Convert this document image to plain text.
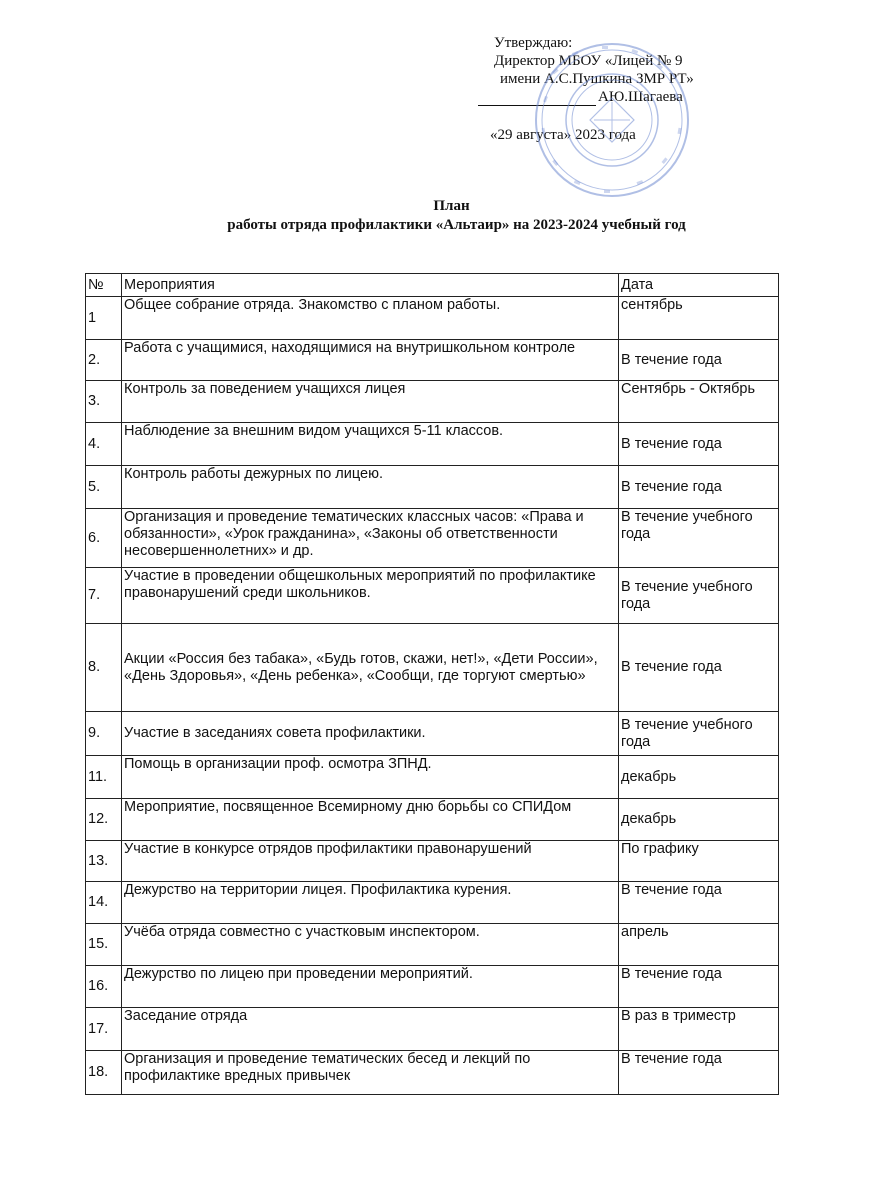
Утверждаю:
Директор МБОУ «Лицей № 9
имени А.С.Пушкина ЗМР РТ»
АЮ.Шагаева
«29 августа» 2023 года
План
работы отряда профилактики «Альтаир» на 2023-2024 учебный год
№	Мероприятия	Дата
1	Общее собрание отряда. Знакомство с планом работы.	сентябрь
2.	Работа с учащимися, находящимися на внутришкольном контроле	В течение года
3.	Контроль за поведением учащихся лицея	Сентябрь - Октябрь
4.	Наблюдение за внешним видом учащихся 5-11 классов.	В течение года
5.	Контроль работы дежурных по лицею.	В течение года
6.	Организация и проведение тематических классных часов: «Права и обязанности», «Урок гражданина», «Законы об ответственности несовершеннолетних» и др.	В течение учебного года
7.	Участие в проведении общешкольных мероприятий по профилактике правонарушений среди школьников.	В течение учебного года
8.	Акции «Россия без табака», «Будь готов, скажи, нет!», «Дети России», «День Здоровья», «День ребенка», «Сообщи, где торгуют смертью»	В течение года
9.	Участие в заседаниях совета профилактики.	В течение учебного года
11.	Помощь в организации проф. осмотра ЗПНД.	декабрь
12.	Мероприятие, посвященное Всемирному дню борьбы со СПИДом	декабрь
13.	Участие в конкурсе отрядов профилактики правонарушений	По графику
14.	Дежурство на территории лицея. Профилактика курения.	В течение года
15.	Учёба отряда совместно с участковым инспектором.	апрель
16.	Дежурство по лицею при проведении мероприятий.	В течение года
17.	Заседание отряда	В раз в триместр
18.	Организация и проведение тематических бесед и лекций по профилактике вредных привычек	В течение года
